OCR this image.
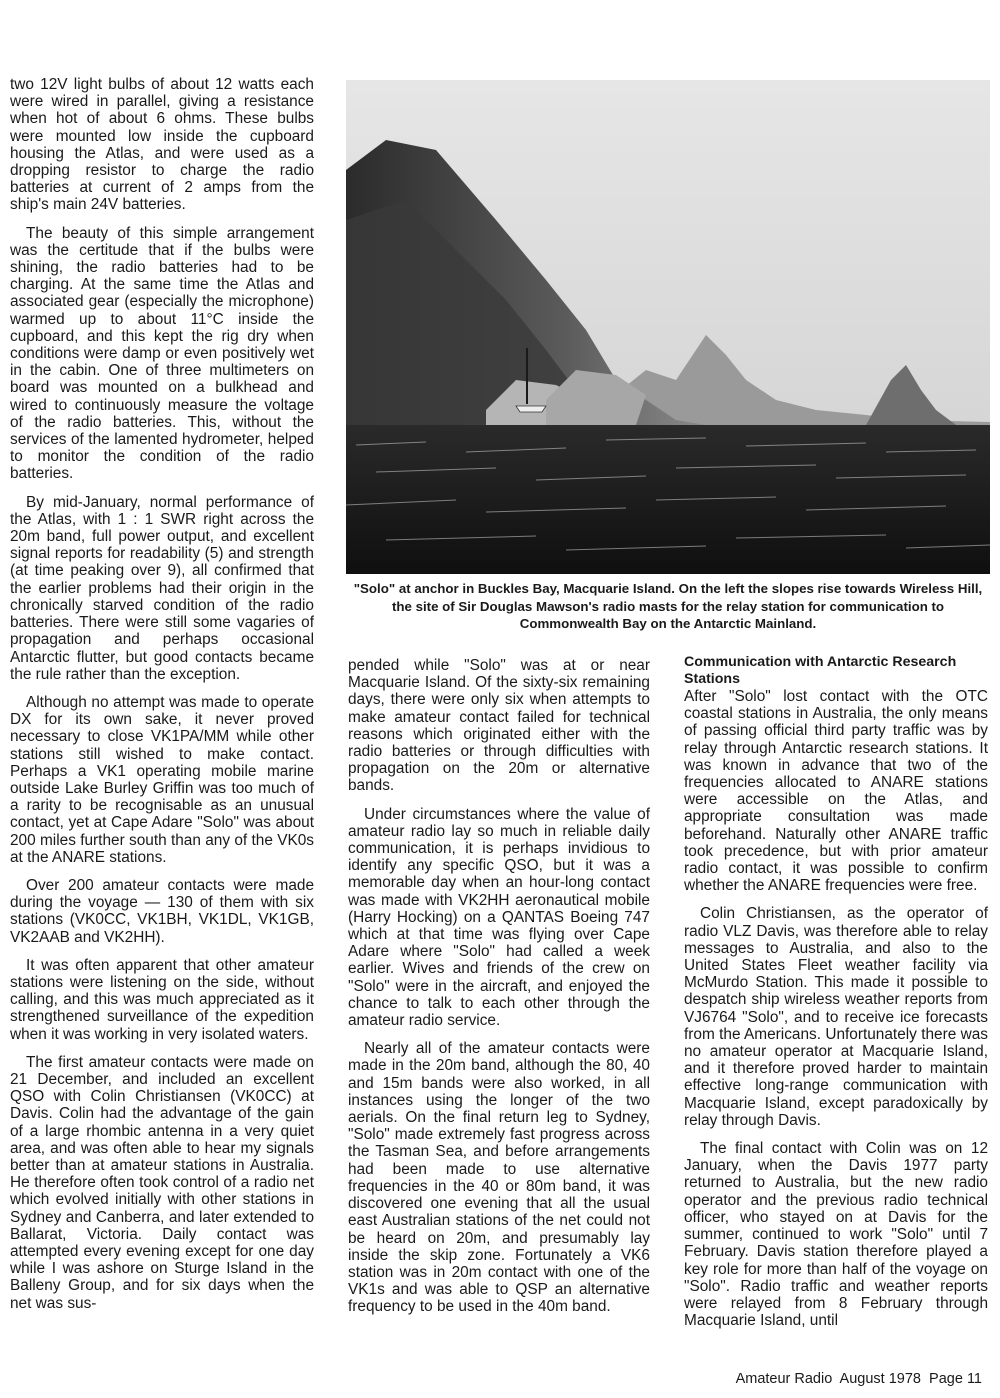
two 12V light bulbs of about 12 watts each were wired in parallel, giving a resistance when hot of about 6 ohms. These bulbs were mounted low inside the cupboard housing the Atlas, and were used as a dropping resistor to charge the radio batteries at current of 2 amps from the ship's main 24V batteries.

The beauty of this simple arrangement was the certitude that if the bulbs were shining, the radio batteries had to be charging. At the same time the Atlas and associated gear (especially the microphone) warmed up to about 11°C inside the cupboard, and this kept the rig dry when conditions were damp or even positively wet in the cabin. One of three multimeters on board was mounted on a bulkhead and wired to continuously measure the voltage of the radio batteries. This, without the services of the lamented hydrometer, helped to monitor the condition of the radio batteries.

By mid-January, normal performance of the Atlas, with 1 : 1 SWR right across the 20m band, full power output, and excellent signal reports for readability (5) and strength (at time peaking over 9), all confirmed that the earlier problems had their origin in the chronically starved condition of the radio batteries. There were still some vagaries of propagation and perhaps occasional Antarctic flutter, but good contacts became the rule rather than the exception.

Although no attempt was made to operate DX for its own sake, it never proved necessary to close VK1PA/MM while other stations still wished to make contact. Perhaps a VK1 operating mobile marine outside Lake Burley Griffin was too much of a rarity to be recognisable as an unusual contact, yet at Cape Adare "Solo" was about 200 miles further south than any of the VK0s at the ANARE stations.

Over 200 amateur contacts were made during the voyage — 130 of them with six stations (VK0CC, VK1BH, VK1DL, VK1GB, VK2AAB and VK2HH).

It was often apparent that other amateur stations were listening on the side, without calling, and this was much appreciated as it strengthened surveillance of the expedition when it was working in very isolated waters.

The first amateur contacts were made on 21 December, and included an excellent QSO with Colin Christiansen (VK0CC) at Davis. Colin had the advantage of the gain of a large rhombic antenna in a very quiet area, and was often able to hear my signals better than at amateur stations in Australia. He therefore often took control of a radio net which evolved initially with other stations in Sydney and Canberra, and later extended to Ballarat, Victoria. Daily contact was attempted every evening except for one day while I was ashore on Sturge Island in the Balleny Group, and for six days when the net was sus-

"Solo" at anchor in Buckles Bay, Macquarie Island. On the left the slopes rise towards Wireless Hill, the site of Sir Douglas Mawson's radio masts for the relay station for communication to Commonwealth Bay on the Antarctic Mainland.

pended while "Solo" was at or near Macquarie Island. Of the sixty-six remaining days, there were only six when attempts to make amateur contact failed for technical reasons which originated either with the radio batteries or through difficulties with propagation on the 20m or alternative bands.

Under circumstances where the value of amateur radio lay so much in reliable daily communication, it is perhaps invidious to identify any specific QSO, but it was a memorable day when an hour-long contact was made with VK2HH aeronautical mobile (Harry Hocking) on a QANTAS Boeing 747 which at that time was flying over Cape Adare where "Solo" had called a week earlier. Wives and friends of the crew on "Solo" were in the aircraft, and enjoyed the chance to talk to each other through the amateur radio service.

Nearly all of the amateur contacts were made in the 20m band, although the 80, 40 and 15m bands were also worked, in all instances using the longer of the two aerials. On the final return leg to Sydney, "Solo" made extremely fast progress across the Tasman Sea, and before arrangements had been made to use alternative frequencies in the 40 or 80m band, it was discovered one evening that all the usual east Australian stations of the net could not be heard on 20m, and presumably lay inside the skip zone. Fortunately a VK6 station was in 20m contact with one of the VK1s and was able to QSP an alternative frequency to be used in the 40m band.

Communication with Antarctic Research Stations

After "Solo" lost contact with the OTC coastal stations in Australia, the only means of passing official third party traffic was by relay through Antarctic research stations. It was known in advance that two of the frequencies allocated to ANARE stations were accessible on the Atlas, and appropriate consultation was made beforehand. Naturally other ANARE traffic took precedence, but with prior amateur radio contact, it was possible to confirm whether the ANARE frequencies were free.

Colin Christiansen, as the operator of radio VLZ Davis, was therefore able to relay messages to Australia, and also to the United States Fleet weather facility via McMurdo Station. This made it possible to despatch ship wireless weather reports from VJ6764 "Solo", and to receive ice forecasts from the Americans. Unfortunately there was no amateur operator at Macquarie Island, and it therefore proved harder to maintain effective long-range communication with Macquarie Island, except paradoxically by relay through Davis.

The final contact with Colin was on 12 January, when the Davis 1977 party returned to Australia, but the new radio operator and the previous radio technical officer, who stayed on at Davis for the summer, continued to work "Solo" until 7 February. Davis station therefore played a key role for more than half of the voyage on "Solo". Radio traffic and weather reports were relayed from 8 February through Macquarie Island, until

Amateur Radio August 1978 Page 11
